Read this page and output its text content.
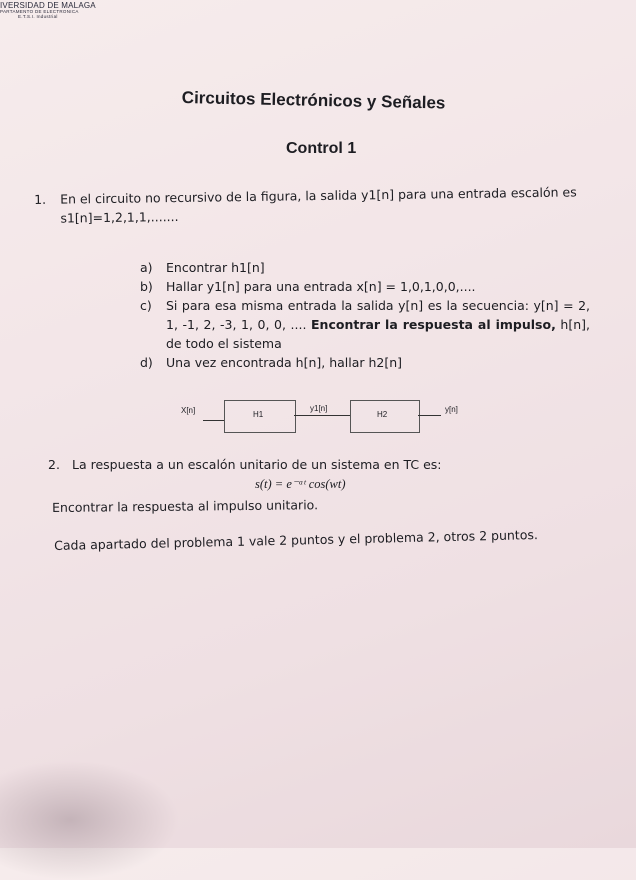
IVERSIDAD DE MALAGA
PARTAMENTO DE ELECTRONICA
E.T.S.I. Industrial
Circuitos Electrónicos y Señales
Control 1
1. En el circuito no recursivo de la figura, la salida y1[n] para una entrada escalón es s1[n]=1,2,1,1,.......
a) Encontrar h1[n]
b) Hallar y1[n] para una entrada x[n] = 1,0,1,0,0,....
c) Si para esa misma entrada la salida y[n] es la secuencia: y[n] = 2, 1, -1, 2, -3, 1, 0, 0, .... Encontrar la respuesta al impulso, h[n], de todo el sistema
d) Una vez encontrada h[n], hallar h2[n]
X[n]	H1
y1[n]
H2
y[n]
2. La respuesta a un escalón unitario de un sistema en TC es:
s(t) = e⁻ᵅᵗ cos(wt)
Encontrar la respuesta al impulso unitario.
Cada apartado del problema 1 vale 2 puntos y el problema 2, otros 2 puntos.
